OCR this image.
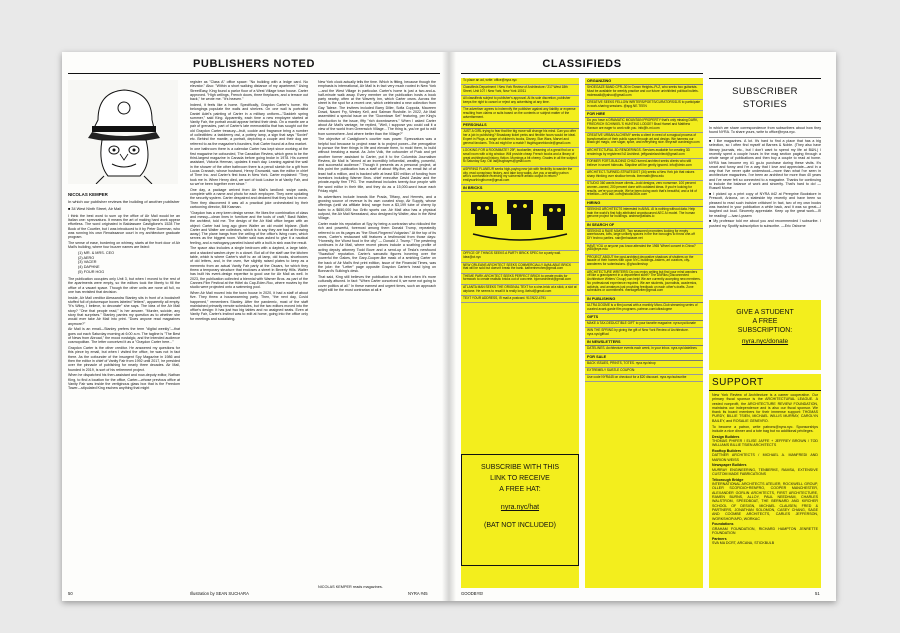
PUBLISHERS NOTED
NICOLAS KEMPER

In which our publisher reviews the building of another publisher

■ 34 West Ninth Street, Air Mail

I think the best word to sum up the office of Air Mail would be an Italian one: sprezzatura. It means the art of making hard work appear effortless. The word originated in Baldassare Castiglione's 1528 The Book of the Courtier, but I was introduced to it by Peter Doerman, who was running his own Renaissance court in my architecture graduate program.

The sense of ease, bordering on whimsy, starts at the front door of Air Mail's building, where four buzzer names are listed:

(1) MR. & MRS. CEO
(2) AERO
(3) VACER
(4) DAPHNE
(5) FOUR HOG

The publication occupies only Unit 3, but when I moved to the rest of the apartments were empty, so the editors took the liberty to fill the office of a vacant space. Though the other units are none all full, no one has revisited that decision.

Inside, Air Mail creditor Alessandra Stanley sits in front of a bookshelf stuffed full of picturesque boxes labeled "letters", apparently all empty. "It's Wiley, I believe, to decorate" she says. The idea of the Air Mail story? "One that people read," is her answer. "Murder, suicide, any story that surprises." Stanley parries my question as to whether she would ever take Air Mail into print. "Does anyone read magazines anymore?"

Air Mail is an email—Stanley prefers the term "digital weekly"—that goes out each Saturday morning at 6:00 a.m. The tagline is "The Best of News from Abroad," the mood nostalgic, and the intended audience cosmopolitan. The letter conceived it as a "Graydon Carter here..."

Graydon Carter is the other creditor. He answered my questions for this piece by email, but when I visited the office, he was not in fact there. As the cofounder of the insurgent Spy Magazine in 1986 and then the editor in chief of Vanity Fair from 1992 until 2017, he presided over the pinnacle of publishing for nearly three decades. Air Mail, founded in 2019, is sort of his retirement project.

When he dispatched his then-assistant and now-deputy editor, Nathan King, to find a location for the office, Carter—whose previous office at Vanity Fair was inside the vertiginous glass box that is the Freedom Tower—stipulated King eschew anything that might

register as "Class A" office space: "No building with a ledge card. No elevator." Also: "Within a short walking distance of my apartment." Using StreetEasy, King found a parlor floor of a West Village town house. Carter approved. "High ceilings, French doors, three fireplaces, and a terrace out back," he wrote me. "It's heaven."

Indeed, it feels like a home. Specifically, Graydon Carter's home. His belongings populate the walls and shelves. On one wall is portraitist Daniel Adel's painting of Carter in a military uniform—"Daddeh spring summer," said King. Apparently, each time a new employee started at Vanity Fair, the portrait would appear behind their desk. On a mantle are a pair of grenades, part of Carter's late memorabilia that has sought out the old Graydon Carter treasury—fruit, cookie and fragrance bring a number of collectibles: a taxidermy owl, a pottery lamp, a sign that says "Soviet" etc. Behind the mantle, a portrait, depicting a couple and their dog are referred to as the magazine's founders, that Carter found at a flea market.

In one bathroom there is a calendar Carter has kept since working at the first magazine he cofounded, The Canadian Review, which grew to be the third-largest magazine in Canada before going broke in 1978. His current assistant, Victoria Herman, updates it each day. Leaning against the wall in the shower of the other bathroom there is a pencil sketch for a gift from Lucas Cranach, whose husband, Henry Grunwald, was the editor in chief of Time Inc. and Carter's first boss in New York. Carter explained: "They took me in. When Henry died, we sort of took Louise in at Vanity Fair, and so we've been together ever since."

One day, a package arrived from Air Mail's landlord: swipe cards, complete with a name and photo for each employee. They were updating the security system. Carter despaired and declared that they had to move. Then they discovered it was all a practical joke orchestrated by their cartooning director, Bill Kasman.

"Graydon has a very keen design sense. He likes the combination of class and messy—clean lines in furniture and the tools of craft," Basil Walter, the architect, told me. The design of the Air Mail office began with an object: Carter had long ago given Walter an old model biplane. (Both Carter and Walter are collectors, which is to say they are bad at throwing away.) The plane hangs from the ceiling of the office's living room, which serves as the biggest room. Walter said was asked to give it a nautical feeling, and a mahogany-paneled island with a built-in sink was the result.

The space also includes a single bedroom with a daybed, a large table, and a stacked washer-dryer in a closet. But all of the staff use the kitchen table, which is where Carter's stuff is: an oil lamp, old books, shoeboxes of old letters, and, in the oven, five slightly raised plates to keep as a memento from an actual Vanity Fair party at the Oscars, for which they threw a temporary structure that encloses a street in Beverly Hills. Walter has built his event-design expertise to good use for Air Mail as well. In 2023, the publication collected a biennial with Warner Bros. as part of the Cannes Film Festival at the Hôtel du Cap-Eden-Roc, where movies by the studio were projected onto a swimming pool.

When Air Mail moved into the town house in 2020, it had a staff of about five. They threw a housewarming party. Then, "the next day, Covid happened," remembers Stanley. After the pandemic, most of the staff maintained primarily remote schedules, but the two editors moved into the office's design: It has just two big tables and no assigned seats. Even at Vanity Fair, Carter's instinct was to edit at home, going into the office only for meetings and socializing.

New York clock actually tells the time. Which is fitting, because though the emphasis is international, Air Mail is in fact very much rooted in New York—and the West Village in particular. Carter's home is just a two-and-a-half-minute walk away. Every member on the publication hosts a book party nearby, often at the Waverly Inn, which Carter owns. Across the street is the spot for a recent one, which celebrated a new collection from Gay Talese. The invitees included Barry Diller, Sofia Coppola, Maureen Dowd, Naomi Fry, Wesley Kell, and Salman Rushdie. In 2022, Air Mail assembled a special issue on the "Downtown Set" featuring, per King's introduction to the issue, fifty "rich downtowners." When I asked Carter about Air Mail's vantage, he replied, "Well, I suppose you could call it a view of the world from Greenwich Village... The thing is, you've got to edit from somewhere. And where better than the Village?"

The objective of Castiglione's courtier was power. Sprezzatura was a helpful tool because to project ease is to project power—the prerogative to pursue the finer things in life and elevate them, to mold them, to build without breaking a sweat. As John Volk, the cofounder of Puck and yet another former assistant to Carter, put it to the Columbia Journalism Review, Air Mail is "aimed at an incredibly influential, wealthy, powerful, and successful audience." Though it presents as a personal project, at this point the publication has a staff of about fifty-five, an email list of at least half a million, and is backed with at least $30 million of funding from investors including Warner Bros. chief executive David Zaslav and the private-equity firm TPG. The masthead includes twenty-four people with the word editor in their title, and they do as a 15,000-word issue each Friday night.

Its advertisers include brands like Prada, Tiffany, and Hermès, and a growing source of revenue is its own curated shop, Air Supply, whose offerings (until via affiliate links) range from a $3,199 tube of cherry lip balm to a $650,000 Iso Grifo sports car. Air Mail also has a physical outpost, the Air Mail Newsstand, also designed by Walter, also in the West Village.

Carter made his reputation at Spy by being a contrarian who ridiculed the rich and powerful, foremost among them Donald Trump, repeatedly referred to on its pages as "the Short-Fingered Vulgarian." At the top of its news, Carter's restaurant still features a testimonial from those days: "Honestly, the Worst food in the city" — Donald J. Trump." The pestering continues in Air Mail, where recent pieces include a scathing profile of acting deputy attorney Todd Bove and a send-up of Tesla's newfound "Swastica" reputation. Carter's sarcastic figures hovering over the powerful the Oakes, the Gary-Cooper-like mask of a smirking Carter on the back of Air Mail's first print edition, issue of the Financial Times, was the joke: the "Letter" page opposite Graydon Carter's head lying on Bonnard's Sulking's desk.

That said, King still believes the publication is at its best when it's more culturally attuned. In fact: "When Carter conceived it, we were not going to cover politics at all." In these earnest and urgent times, such an approach might still be the most contrarian at all.●

50	Illustration by SEAN SUCHARA
NICOLAS KEMPER reads magazines.
NYRA #45
CLASSIFIEDS
To place an ad, write: office@nyra.nyc
Classifieds Department / New York Review of Architecture / 217 West 18th Street, Unit 107 / New York, New York 10011
All classifieds subject to publisher's approval. At its sole discretion, publisher keeps the right to cancel or reject any advertising at any time.
The advertiser agrees to indemnify the publisher against any liability or expense resulting from claims or suits based on the contents or subject matter of the advertisement.
PERSONALS
JUST A GIRL trying to fear that the big move will change his mind. Can you offer her a job in publishing? Broadway ticket perks and flexible hours would be ideal. Expert in Plugs, a range of children's books, Disney, Star Wars, Marvel and general fandoms. This ad might be a match? itsgirlsgoneblonde@gmail.com
LOOKING FOR A ROOMMATE? 29F, bookseller, dreaming of a great find on a small room with a big window. Will provide cheap French books and a library of great architectural history, fiction. Mornings a bit cheery. Grades in all the subject to Saturday Say. Ok! ladybugbayes@gmail.com
ASPIRING FLANEUR seeks high-paying new job with flexibility to wander the city, read conspiracy history, and take long walks. Are you a wealthy patron who's comfortable receiving my subversive artistic output in return? emilyworthingthorne@gmail.com
IN BRICKS
OFFICE OF THINGS SEEKS A PARTY BRICK SPEC for a party wall. Idea@ot.nyc
NEW ORLEANS ARCHITECT SEEKS COMMERCIALLY AVAILABLE BRICK that will be sold but doesn't break the bank. katherinerohm@gmail.com
THEME PARK ARCHITECT SEEKS PERFECT BRICK to create molds for formwork to create realistic bricks out of concrete. bjornarchitect@gmail.com
ATLANTA MAN SEEKS THE ORIGINAL TEXT for a cine-brick at a stick, a slot at airplane. He seems to recall it is really long. ikelsd@gmail.com
TEXT YOUR ADDRESS, I'll mail a postcard. 917/622-4791
SUBSCRIBE WITH THIS
LINK TO RECEIVE
A FREE HAT:
nyra.nyc/hat
(BAT NOT INCLUDED)
ORGANIZING
SHOEGAZE BAND CPR–30 in Crown Heights–PLZ, who seeks two guitarists. Must be available for weekly practice and our future uninhibited political bullets. moleswalk@yahoo@gmail.com
CREATIVE SEEKS FELLOW WRITERS/POETS/CURATORS/DJS to participate in work-sharing sessions. @spg.NE.TEEN
FOR HIRE
Do you have a DRAMATIC MOUNTAIN PROPERTY that's only missing DARK, FRIEDRICH SCHINKEL'S HUNTING LODGE? Brad Hamel and Matthew Hanson are eager to work with you. info@h-mi.com
CREATIVE URBAN ALCHEMY seeks a client in need of a magical process of transformation of their public space through art and design. We harness our Black girl magic, one sugar, spice, and everything nice. theyradf oundesign.com
ARCHITECTURAL 3D RENDERINGS. Services available for creating 3D renderings by registered NJ Architect. jeffgandelarchitect@gmail.com
FORMER FORT-BUILDING CHILD turned-architect seeks clients who still believe in secret hideouts. Slapdine will be gently ignored. info@dmin.com
ARCHITECT-TURNED-STRATEGIST (34) seeks a New York job that values sharp thinking over shallow trends. ibenmath@tea.edu
STUDIO 360 wants brave clients—bold designs, zero nonsense. 100 percent women–owned, 200 percent done with outdated ideas. If you're looking for results, we're your people. We've been doing work that's beautiful, and a bit of rebellion—let's talk. com@studio360x.com
HIRING
SEEKING ARCHITECTS interested in AI/ML. AI is nothing without data. Help train the world's first fully attributed crowdsourced AEC AI model. The human genome project for buildings. andrew@atlabs.io
IN SEARCH OF
SEEKING A RAVE MAKER. Two seasoned promoters looking for empty warehouses, lofts, large unlikely spaces in the five boroughs to throw one-off DIY techno parties. nair@mhadawe.net
HAVE YOU or anyone you know attended the 1965 'Wheel concert in China?' yt35@eye.edu
PROJECT ABOUT the post-architect decorative shadows of shutters on the facade of their homes with upon NYC buildings–bakers, art curators, city-wanderers for submissions. @ghoullmshop
ARCHITECTURE WRITERS! Do you enjoy writing but find your mind wanders off like a grandparent in a department store? The DNRiks (Disconnected Architecture Writers' Group) can help! We are currently accepting new members. No professional experience required. We are students, journalists, academics, activists, and amateurs just providing feedback on each other's drafts. Zone schedules or commitment. meritagewriter@gmail.com
IN PUBLISHING
ULTRA DOGME is a film journal with a monthly Micro-Club streaming series of curated avant-garde film programs. patreon.com/ultradogme
GIFTS
MAKE A TAX-DEDUCTIBLE GIFT to your favorite magazine. nyra.nyc/donate
WIN THE SPRING by giving the gift of New York Review of Architecture. nyra.nyc/gift/ad
IN NEWSLETTERS
DATELINES. Architecture events each week, in your inbox. nyra.nyc/datelines
FOR SALE
BACK ISSUES, PRINTS, TOTES. nyra.nyc/shop
EXTREMELY SUBTLE COUPON:
Use code NYRA45 on checkout for a $20 discount. nyra.nyc/subscribe
SUBSCRIBER
STORIES

In which we share correspondence from subscribers about how they found NYRA. To share yours, write to office@nyra.nyc.

■ I like magazines. A lot. It's hard to find a place that has a big selection, so I often find myself at Barnes & Noble. (They also have literary journals, etc., but I don't want to spend my life at B&N.) I recently spent a couple hours in the mag section paging through a whole range of publications and then buy a couple to read at home. NYRA has become my #1 go-to purchase during these visits. It's smart and funny and I'm a way that I love and appreciate—and in a way that I've never quite understood—more than what I've seen in architecture magazines. I've been an architect for more than 40 years and I've never felt so connected to a magazine. Thanks for continuing to include the balance of work and sincerity. That's hard to do! —Russell Morse

■ I picked up a print copy of NYRA #42 at Peregrine Bookstore in Prescott, Arizona, on a stateside trip recently and have been so pleased to read such incisive criticism! In fact, two of my own books was trashed in your publication a while back, and it was so great—I laughed out loud. Sincerely appreciate. Keep up the great work—I'll be reading! —Ivan Lyssem

■ My professor told me about you and recommended I subscribe. I pushed my Spotify subscription to subscribe. —Eric Osborne

GIVE A STUDENT
A FREE
SUBSCRIPTION:
nyra.nyc/donate
SUPPORT

New York Review of Architecture is a career cooperative. Our primary fiscal sponsor is the ARCHITECTURAL LEAGUE. A vested nonprofit, the ARCHITECTURE REVIEW FOUNDATION, maintains our independence and is also our fiscal sponsor. We thank its board members for their immense support: THOMAS PURDY, BILLIE TSIEN, MICHAEL WILLIS MURRAY, CAROLYN BAILEY, and ROSALIE GENEVRO.

To become a patron, write patrons@nyra.nyc. Sponsorships include a nice dinner and a tote bag but no additional privileges.

Design Builders

THOMAS PHIFER / ELISE JAFFE + JEFFREY BROWN / TOD WILLIAMS BILLIE TSIEN ARCHITECTS

Rooftop Builders

DATTNER ARCHITECTS / MICHAEL A. MANFREDI AND MARION WEISS

Newspaper Builders

MURRAY ENGINEERING, TENBERKE, RAMSA, EXTENSIVE CUSTOM MADE FABRICATIONS

Triborough Bridge

INTERNATIONAL ARCHITECTS ATELIER, ROCKWELL GROUP, OLLER SCOFIDIO+RENFRO, COOPER MANCHESTER, ALEXANDER GORLIN ARCHITECTS, FIRST ARCHITECTURE, RAMEN BURNS, ALLOY, PAUL NEEDHAM, CHARLES WALSTROM, SPEEDBOAT, THE BERNARD AND KIRCHER SCHOOL OF DESIGN, MICHAEL CLAUSEN, FRED & PARTNERS, JONATHAN SOLOMON, CASEY CHANG, SAGE AND COOMBE ARCHITECTS, CARLES JEFFERSON, WORKSHOP/APD, WORKAC

Foundations

GRAHAM FOUNDATION, RICHARD HAMPTON JENRETTE FOUNDATION

Partners

SVA MA DCRT, ARCANA, STICKBULB

GOODBYE!	51
